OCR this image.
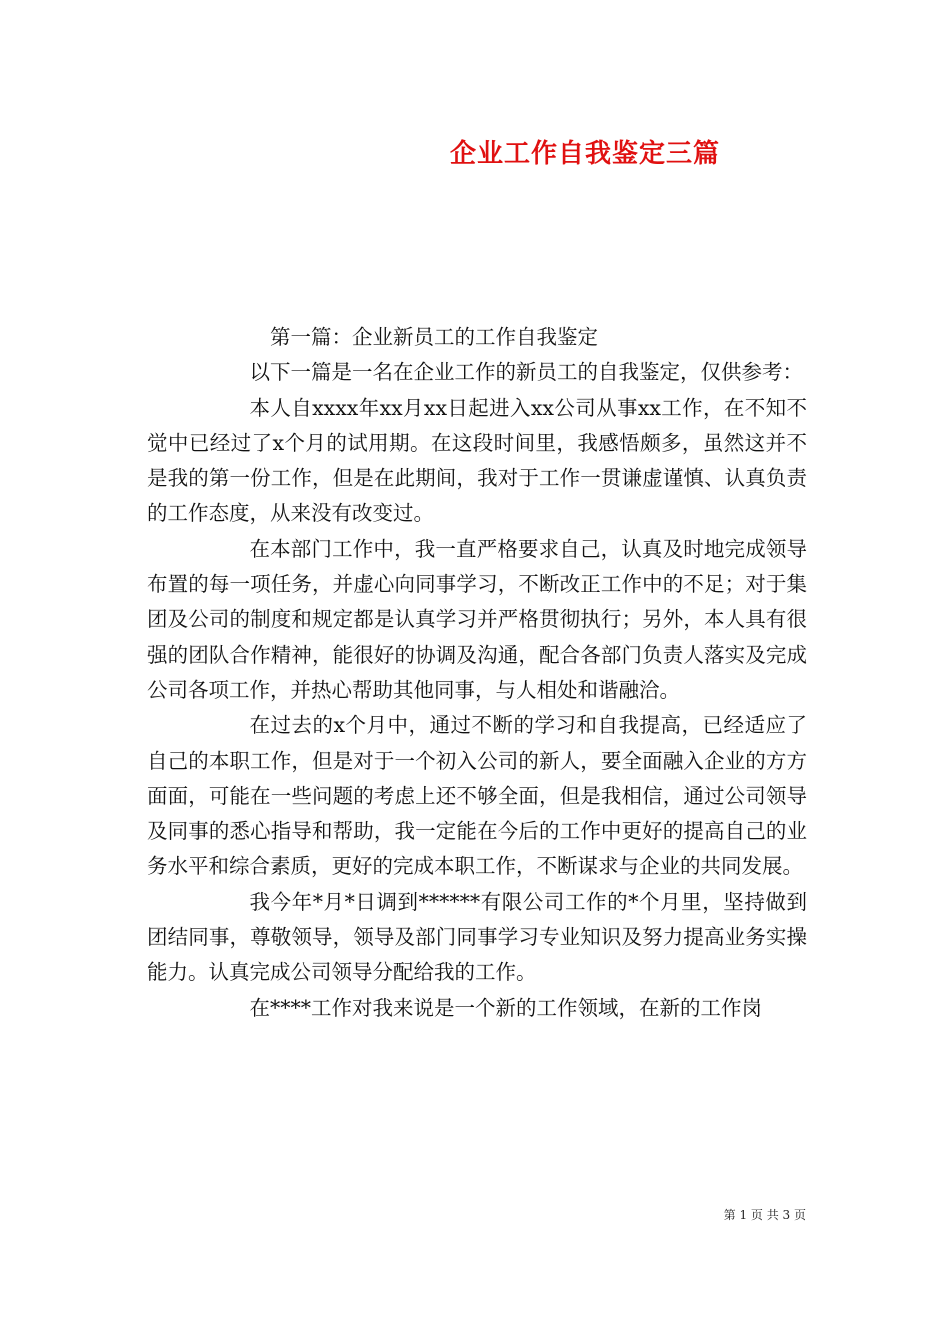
企业工作自我鉴定三篇

第一篇：企业新员工的工作自我鉴定

以下一篇是一名在企业工作的新员工的自我鉴定，仅供参考：

本人自xxxx年xx月xx日起进入xx公司从事xx工作，在不知不觉中已经过了x个月的试用期。在这段时间里，我感悟颇多，虽然这并不是我的第一份工作，但是在此期间，我对于工作一贯谦虚谨慎、认真负责的工作态度，从来没有改变过。

在本部门工作中，我一直严格要求自己，认真及时地完成领导布置的每一项任务，并虚心向同事学习，不断改正工作中的不足；对于集团及公司的制度和规定都是认真学习并严格贯彻执行；另外，本人具有很强的团队合作精神，能很好的协调及沟通，配合各部门负责人落实及完成公司各项工作，并热心帮助其他同事，与人相处和谐融洽。

在过去的x个月中，通过不断的学习和自我提高，已经适应了自己的本职工作，但是对于一个初入公司的新人，要全面融入企业的方方面面，可能在一些问题的考虑上还不够全面，但是我相信，通过公司领导及同事的悉心指导和帮助，我一定能在今后的工作中更好的提高自己的业务水平和综合素质，更好的完成本职工作，不断谋求与企业的共同发展。

我今年*月*日调到******有限公司工作的*个月里，坚持做到团结同事，尊敬领导，领导及部门同事学习专业知识及努力提高业务实操能力。认真完成公司领导分配给我的工作。

在****工作对我来说是一个新的工作领域，在新的工作岗

第 1 页 共 3 页
